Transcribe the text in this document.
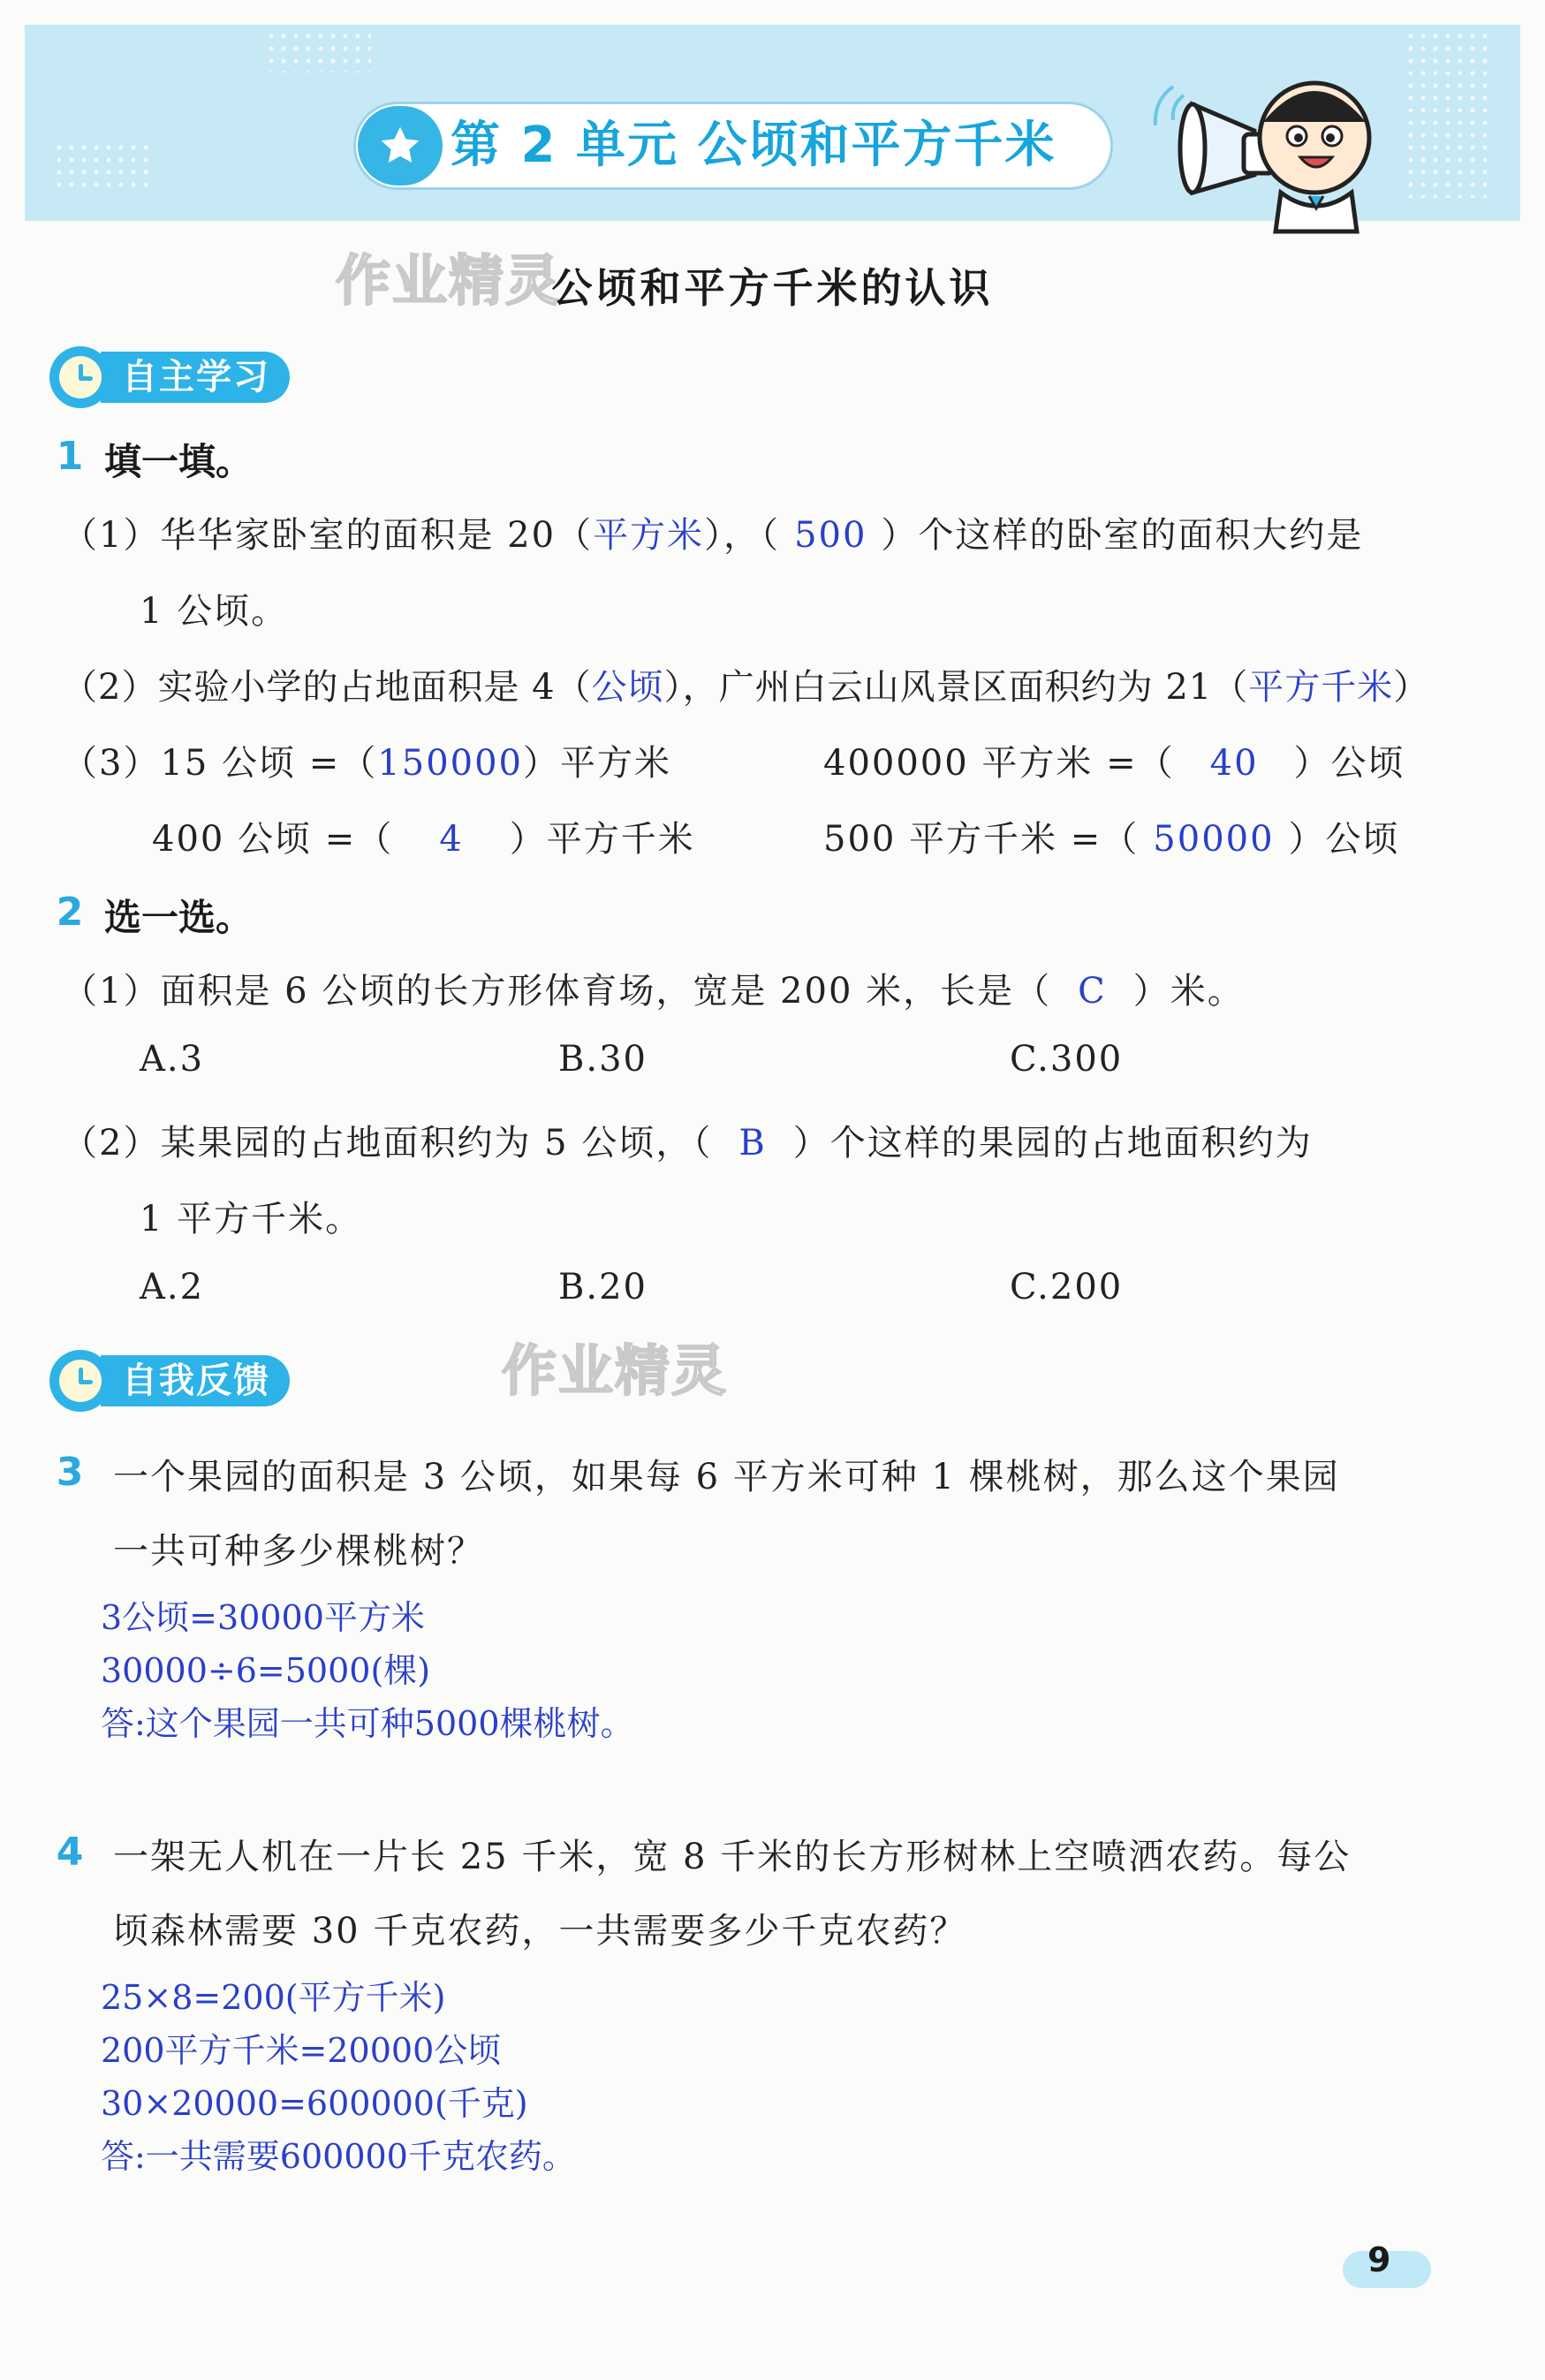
第 2 单元 公顷和平方千米
作业精灵
公顷和平方千米的认识
自主学习
1 填一填。
（1）华华家卧室的面积是 20（平方米），（ 500 ）个这样的卧室的面积大约是
1 公顷。
（2）实验小学的占地面积是 4（公顷），广州白云山风景区面积约为 21（平方千米）
（3）15 公顷 =（150000）平方米	400000 平方米 =（ 40 ）公顷
400 公顷 =（ 4 ）平方千米	500 平方千米 =（ 50000 ）公顷
2 选一选。
（1）面积是 6 公顷的长方形体育场，宽是 200 米，长是（ C ）米。
A.3	B.30	C.300
（2）某果园的占地面积约为 5 公顷，（ B ）个这样的果园的占地面积约为
1 平方千米。
A.2	B.20	C.200
自我反馈	作业精灵
3 一个果园的面积是 3 公顷，如果每 6 平方米可种 1 棵桃树，那么这个果园
一共可种多少棵桃树？
3公顷=30000平方米
30000÷6=5000(棵)
答:这个果园一共可种5000棵桃树。
4 一架无人机在一片长 25 千米，宽 8 千米的长方形树林上空喷洒农药。每公
顷森林需要 30 千克农药，一共需要多少千克农药？
25×8=200(平方千米)
200平方千米=20000公顷
30×20000=600000(千克)
答:一共需要600000千克农药。
9
